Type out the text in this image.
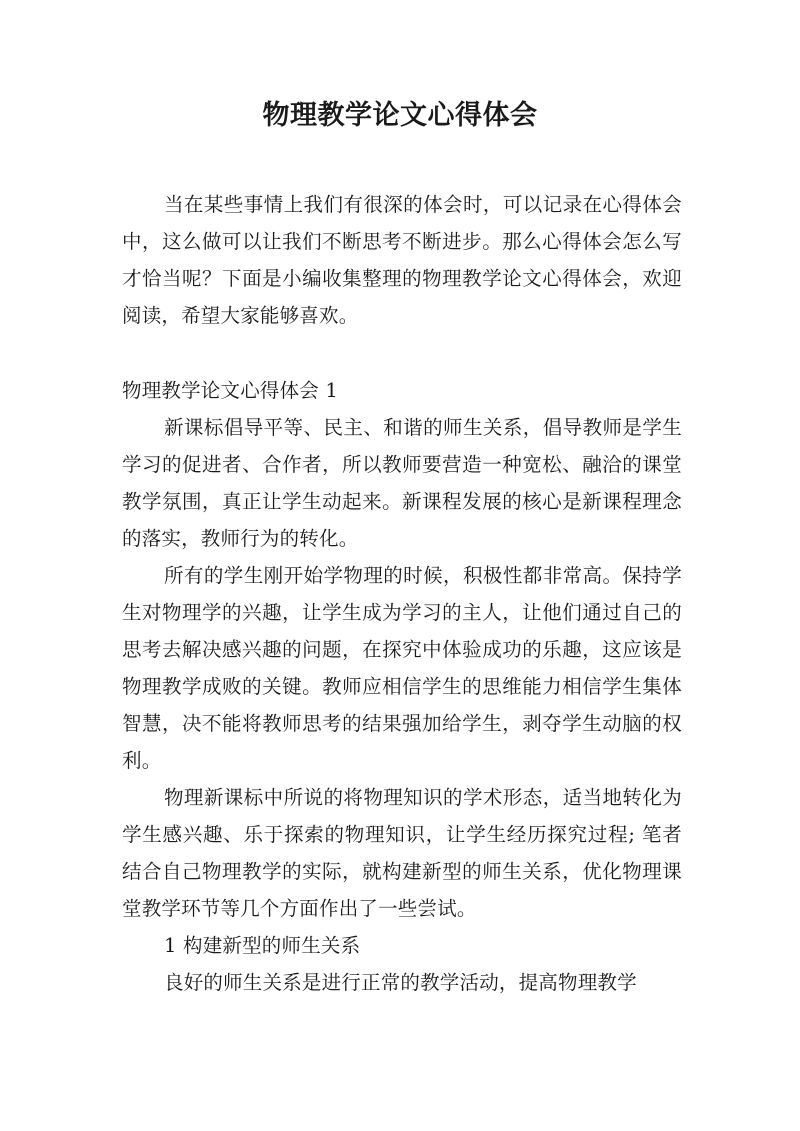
物理教学论文心得体会

当在某些事情上我们有很深的体会时，可以记录在心得体会中，这么做可以让我们不断思考不断进步。那么心得体会怎么写才恰当呢？下面是小编收集整理的物理教学论文心得体会，欢迎阅读，希望大家能够喜欢。

物理教学论文心得体会 1

新课标倡导平等、民主、和谐的师生关系，倡导教师是学生学习的促进者、合作者，所以教师要营造一种宽松、融洽的课堂教学氛围，真正让学生动起来。新课程发展的核心是新课程理念的落实，教师行为的转化。

所有的学生刚开始学物理的时候，积极性都非常高。保持学生对物理学的兴趣，让学生成为学习的主人，让他们通过自己的思考去解决感兴趣的问题，在探究中体验成功的乐趣，这应该是物理教学成败的关键。教师应相信学生的思维能力相信学生集体智慧，决不能将教师思考的结果强加给学生，剥夺学生动脑的权利。

物理新课标中所说的将物理知识的学术形态，适当地转化为学生感兴趣、乐于探索的物理知识，让学生经历探究过程; 笔者结合自己物理教学的实际，就构建新型的师生关系，优化物理课堂教学环节等几个方面作出了一些尝试。

1 构建新型的师生关系

良好的师生关系是进行正常的教学活动，提高物理教学
